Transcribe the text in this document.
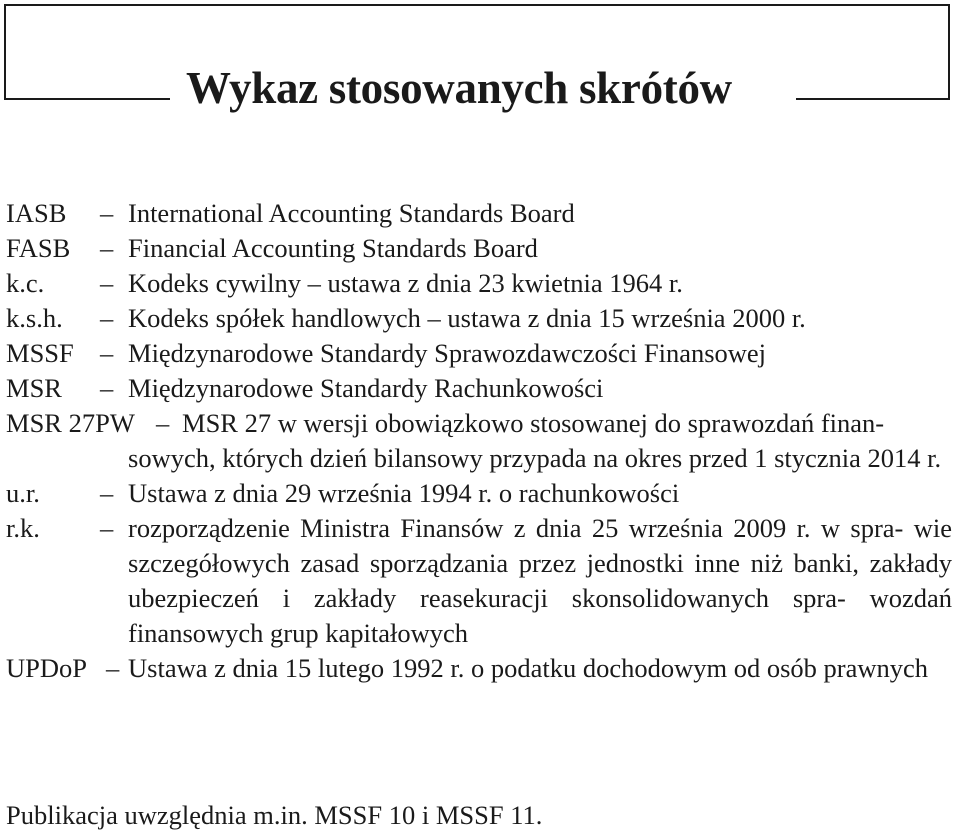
Wykaz stosowanych skrótów
IASB – International Accounting Standards Board
FASB – Financial Accounting Standards Board
k.c. – Kodeks cywilny – ustawa z dnia 23 kwietnia 1964 r.
k.s.h. – Kodeks spółek handlowych – ustawa z dnia 15 września 2000 r.
MSSF – Międzynarodowe Standardy Sprawozdawczości Finansowej
MSR – Międzynarodowe Standardy Rachunkowości
MSR 27PW – MSR 27 w wersji obowiązkowo stosowanej do sprawozdań finan-
sowych, których dzień bilansowy przypada na okres przed 1 stycznia 2014 r.
u.r. – Ustawa z dnia 29 września 1994 r. o rachunkowości
r.k. – rozporządzenie Ministra Finansów z dnia 25 września 2009 r. w spra- wie szczegółowych zasad sporządzania przez jednostki inne niż banki, zakłady ubezpieczeń i zakłady reasekuracji skonsolidowanych spra- wozdań finansowych grup kapitałowych
UPDoP – Ustawa z dnia 15 lutego 1992 r. o podatku dochodowym od osób prawnych

Publikacja uwzględnia m.in. MSSF 10 i MSSF 11.
